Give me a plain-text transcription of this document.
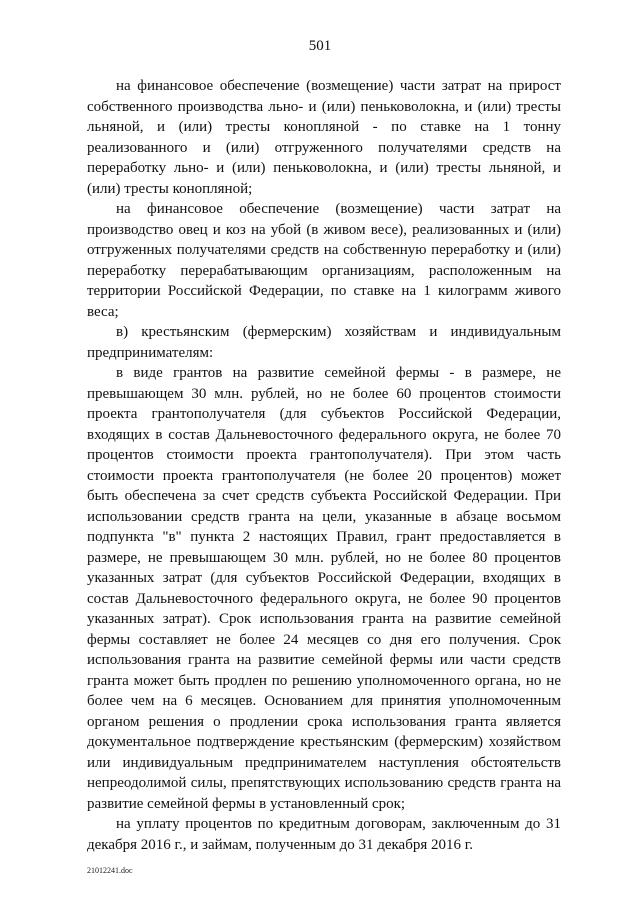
501

на финансовое обеспечение (возмещение) части затрат на прирост собственного производства льно- и (или) пеньковолокна, и (или) тресты льняной, и (или) тресты конопляной - по ставке на 1 тонну реализованного и (или) отгруженного получателями средств на переработку льно- и (или) пеньковолокна, и (или) тресты льняной, и (или) тресты конопляной;

на финансовое обеспечение (возмещение) части затрат на производство овец и коз на убой (в живом весе), реализованных и (или) отгруженных получателями средств на собственную переработку и (или) переработку перерабатывающим организациям, расположенным на территории Российской Федерации, по ставке на 1 килограмм живого веса;

в) крестьянским (фермерским) хозяйствам и индивидуальным предпринимателям:

в виде грантов на развитие семейной фермы - в размере, не превышающем 30 млн. рублей, но не более 60 процентов стоимости проекта грантополучателя (для субъектов Российской Федерации, входящих в состав Дальневосточного федерального округа, не более 70 процентов стоимости проекта грантополучателя). При этом часть стоимости проекта грантополучателя (не более 20 процентов) может быть обеспечена за счет средств субъекта Российской Федерации. При использовании средств гранта на цели, указанные в абзаце восьмом подпункта "в" пункта 2 настоящих Правил, грант предоставляется в размере, не превышающем 30 млн. рублей, но не более 80 процентов указанных затрат (для субъектов Российской Федерации, входящих в состав Дальневосточного федерального округа, не более 90 процентов указанных затрат). Срок использования гранта на развитие семейной фермы составляет не более 24 месяцев со дня его получения. Срок использования гранта на развитие семейной фермы или части средств гранта может быть продлен по решению уполномоченного органа, но не более чем на 6 месяцев. Основанием для принятия уполномоченным органом решения о продлении срока использования гранта является документальное подтверждение крестьянским (фермерским) хозяйством или индивидуальным предпринимателем наступления обстоятельств непреодолимой силы, препятствующих использованию средств гранта на развитие семейной фермы в установленный срок;

на уплату процентов по кредитным договорам, заключенным до 31 декабря 2016 г., и займам, полученным до 31 декабря 2016 г.

21012241.doc
